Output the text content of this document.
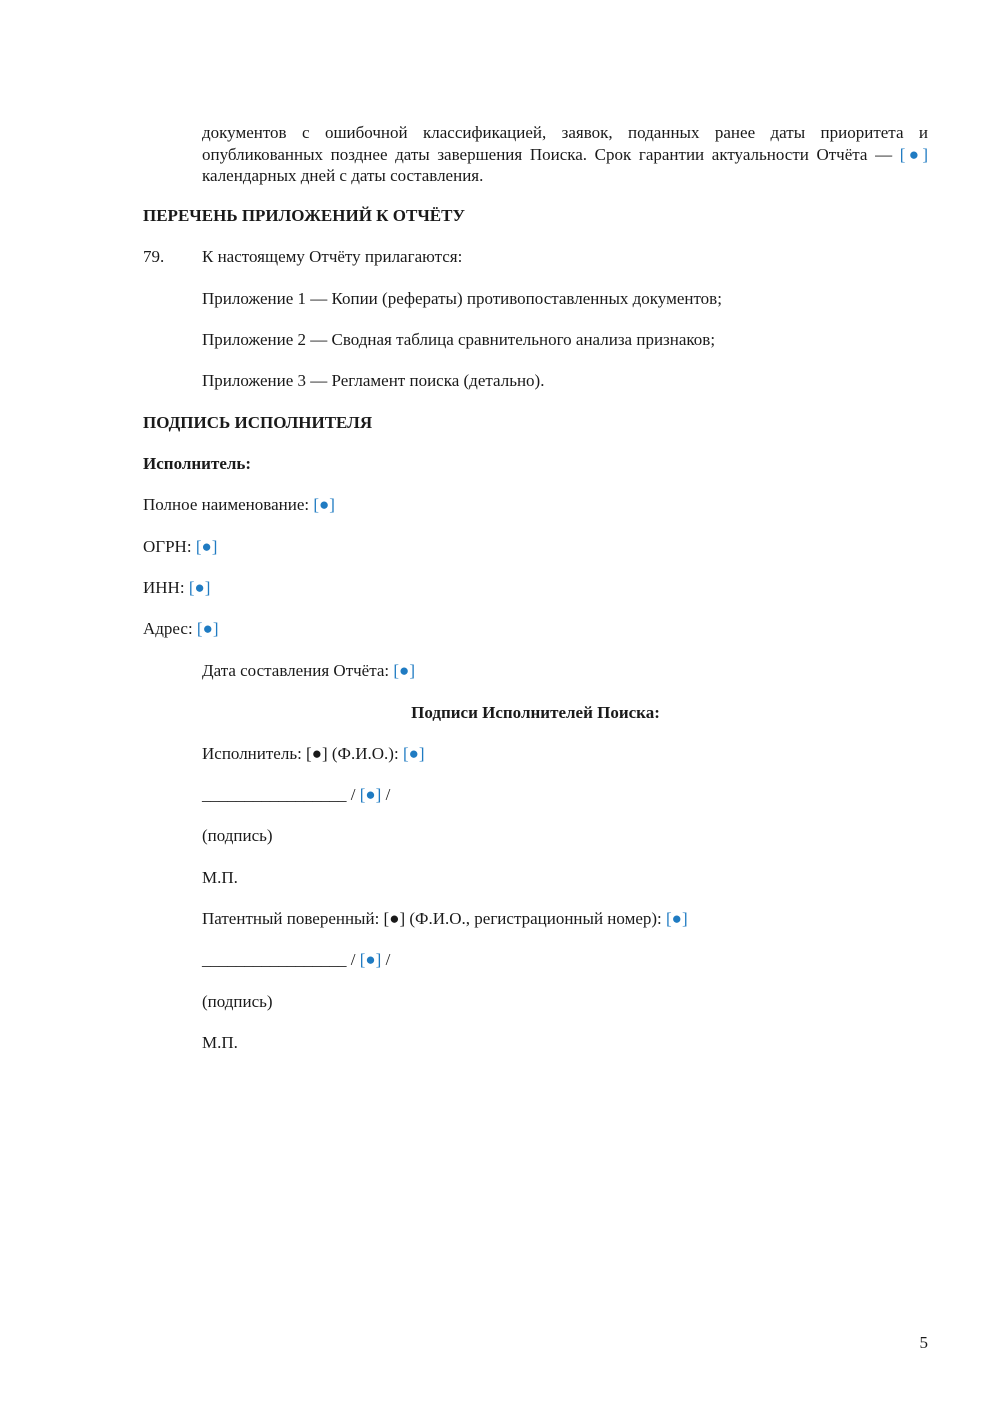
документов с ошибочной классификацией, заявок, поданных ранее даты приоритета и опубликованных позднее даты завершения Поиска. Срок гарантии актуальности Отчёта — [●] календарных дней с даты составления.
ПЕРЕЧЕНЬ ПРИЛОЖЕНИЙ К ОТЧЁТУ
79. К настоящему Отчёту прилагаются:
Приложение 1 — Копии (рефераты) противопоставленных документов;
Приложение 2 — Сводная таблица сравнительного анализа признаков;
Приложение 3 — Регламент поиска (детально).
ПОДПИСЬ ИСПОЛНИТЕЛЯ
Исполнитель:
Полное наименование: [●]
ОГРН: [●]
ИНН: [●]
Адрес: [●]
Дата составления Отчёта: [●]
Подписи Исполнителей Поиска:
Исполнитель: [●] (Ф.И.О.): [●]
_________________ / [●] /
(подпись)
М.П.
Патентный поверенный: [●] (Ф.И.О., регистрационный номер): [●]
_________________ / [●] /
(подпись)
М.П.
5
